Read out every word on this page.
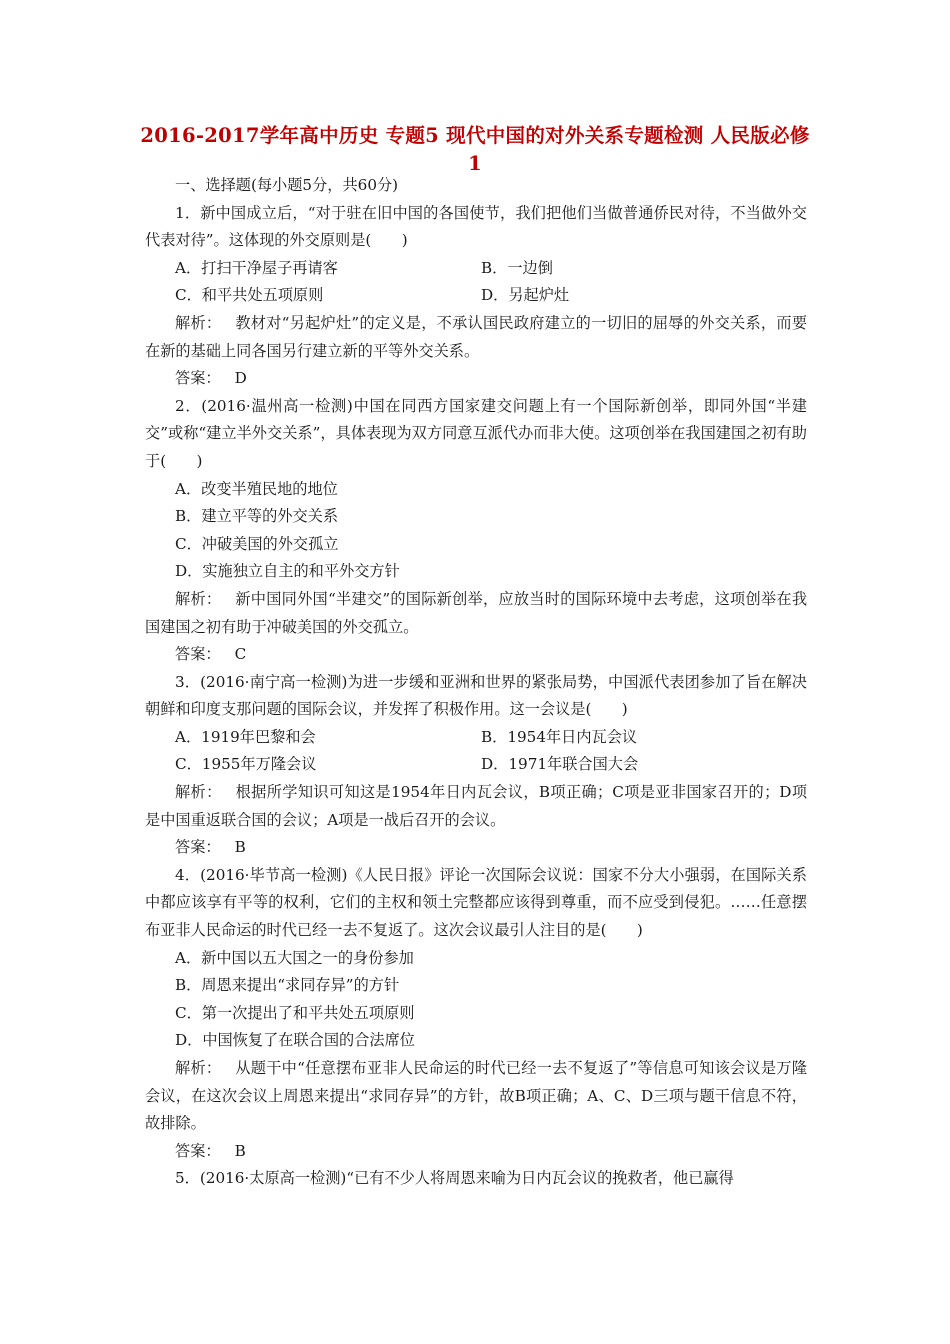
2016-2017学年高中历史 专题5 现代中国的对外关系专题检测 人民版必修1

一、选择题(每小题5分，共60分)

1．新中国成立后，“对于驻在旧中国的各国使节，我们把他们当做普通侨民对待，不当做外交代表对待”。这体现的外交原则是(　　)

A．打扫干净屋子再请客	B．一边倒
C．和平共处五项原则	D．另起炉灶

解析： 教材对“另起炉灶”的定义是，不承认国民政府建立的一切旧的屈辱的外交关系，而要在新的基础上同各国另行建立新的平等外交关系。

答案： D

2．(2016·温州高一检测)中国在同西方国家建交问题上有一个国际新创举，即同外国“半建交”或称“建立半外交关系”，具体表现为双方同意互派代办而非大使。这项创举在我国建国之初有助于(　　)

A．改变半殖民地的地位

B．建立平等的外交关系

C．冲破美国的外交孤立

D．实施独立自主的和平外交方针

解析： 新中国同外国“半建交”的国际新创举，应放当时的国际环境中去考虑，这项创举在我国建国之初有助于冲破美国的外交孤立。

答案： C

3．(2016·南宁高一检测)为进一步缓和亚洲和世界的紧张局势，中国派代表团参加了旨在解决朝鲜和印度支那问题的国际会议，并发挥了积极作用。这一会议是(　　)

A．1919年巴黎和会	B．1954年日内瓦会议
C．1955年万隆会议	D．1971年联合国大会

解析： 根据所学知识可知这是1954年日内瓦会议，B项正确；C项是亚非国家召开的；D项是中国重返联合国的会议；A项是一战后召开的会议。

答案： B

4．(2016·毕节高一检测)《人民日报》评论一次国际会议说：国家不分大小强弱，在国际关系中都应该享有平等的权利，它们的主权和领土完整都应该得到尊重，而不应受到侵犯。……任意摆布亚非人民命运的时代已经一去不复返了。这次会议最引人注目的是(　　)

A．新中国以五大国之一的身份参加

B．周恩来提出“求同存异”的方针

C．第一次提出了和平共处五项原则

D．中国恢复了在联合国的合法席位

解析： 从题干中“任意摆布亚非人民命运的时代已经一去不复返了”等信息可知该会议是万隆会议，在这次会议上周恩来提出“求同存异”的方针，故B项正确；A、C、D三项与题干信息不符，故排除。

答案： B

5．(2016·太原高一检测)“已有不少人将周恩来喻为日内瓦会议的挽救者，他已赢得
